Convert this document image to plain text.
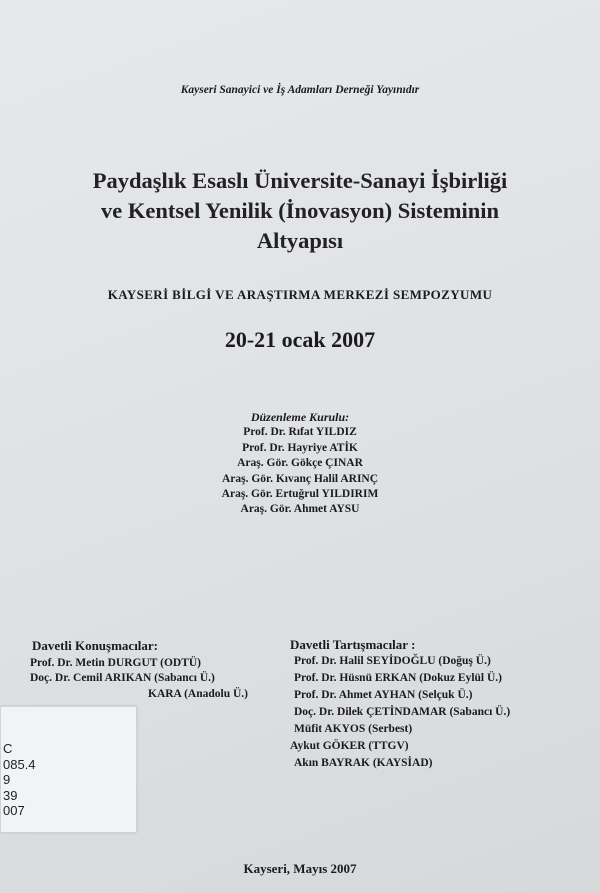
Kayseri Sanayici ve İş Adamları Derneği Yayınıdır
Paydaşlık Esaslı Üniversite-Sanayi İşbirliği
ve Kentsel Yenilik (İnovasyon) Sisteminin
Altyapısı
KAYSERİ BİLGİ VE ARAŞTIRMA MERKEZİ SEMPOZYUMU
20-21 ocak 2007
Düzenleme Kurulu:
Prof. Dr. Rıfat YILDIZ
Prof. Dr. Hayriye ATİK
Araş. Gör. Gökçe ÇINAR
Araş. Gör. Kıvanç Halil ARINÇ
Araş. Gör. Ertuğrul YILDIRIM
Araş. Gör. Ahmet AYSU
Davetli Konuşmacılar:
Prof. Dr. Metin DURGUT (ODTÜ)
Doç. Dr. Cemil ARIKAN (Sabancı Ü.)
KARA (Anadolu Ü.)
Davetli Tartışmacılar :
Prof. Dr. Halil SEYİDOĞLU (Doğuş Ü.)
Prof. Dr. Hüsnü ERKAN (Dokuz Eylül Ü.)
Prof. Dr. Ahmet AYHAN (Selçuk Ü.)
Doç. Dr. Dilek ÇETİNDAMAR (Sabancı Ü.)
Müfit AKYOS (Serbest)
Aykut GÖKER (TTGV)
Akın BAYRAK (KAYSİAD)
C
085.4
9
39
007
Kayseri, Mayıs 2007
